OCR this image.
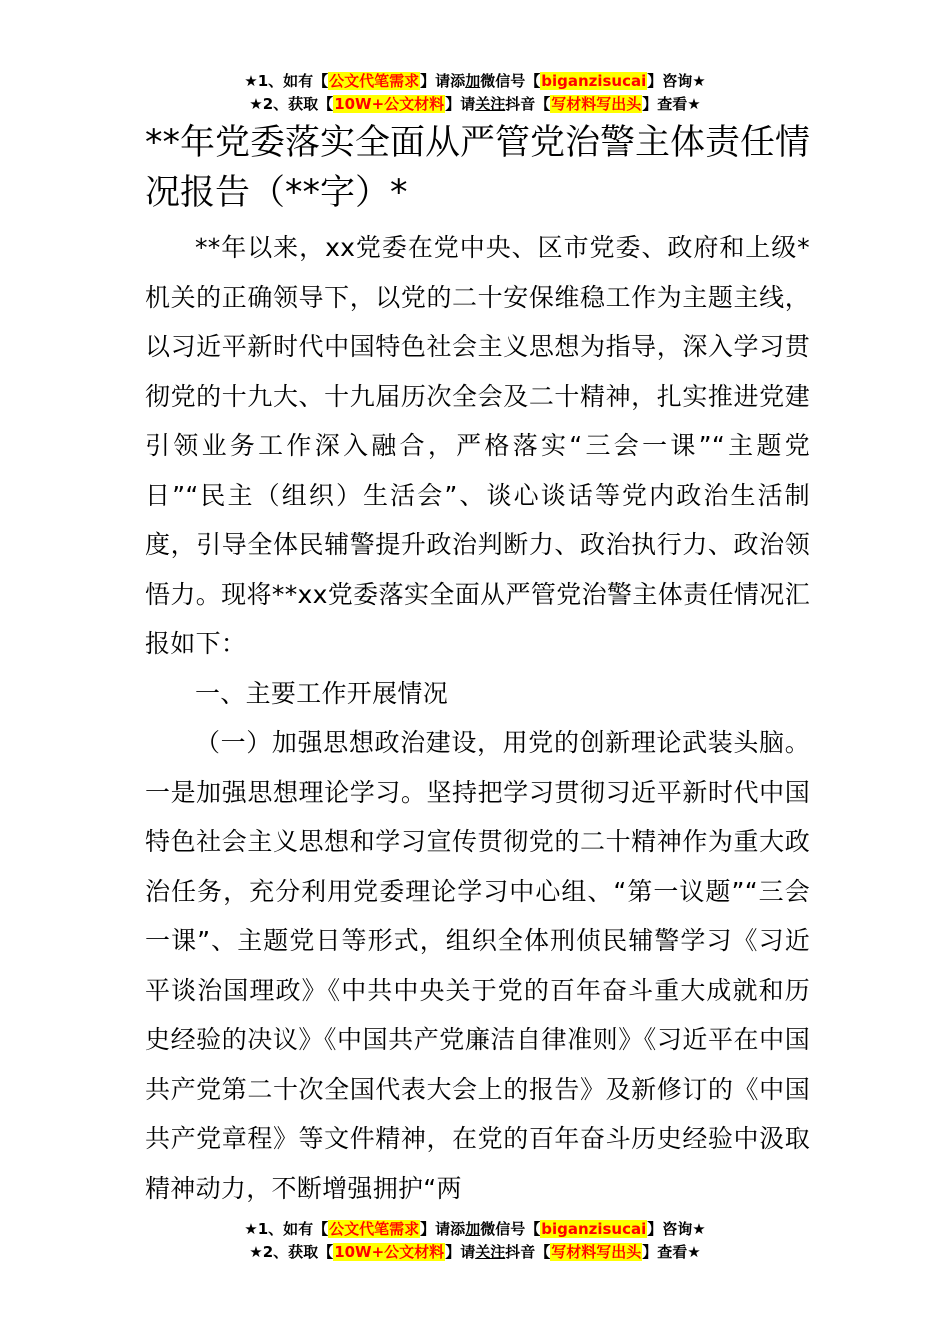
★1、如有【公文代笔需求】请添加微信号【biganzisucai】咨询★
★2、获取【10W+公文材料】请关注抖音【写材料写出头】查看★
**年党委落实全面从严管党治警主体责任情况报告（**字）*

**年以来，xx党委在党中央、区市党委、政府和上级*机关的正确领导下，以党的二十安保维稳工作为主题主线，以习近平新时代中国特色社会主义思想为指导，深入学习贯彻党的十九大、十九届历次全会及二十精神，扎实推进党建引领业务工作深入融合，严格落实“三会一课”“主题党日”“民主（组织）生活会”、谈心谈话等党内政治生活制度，引导全体民辅警提升政治判断力、政治执行力、政治领悟力。现将**xx党委落实全面从严管党治警主体责任情况汇报如下：

一、主要工作开展情况

（一）加强思想政治建设，用党的创新理论武装头脑。一是加强思想理论学习。坚持把学习贯彻习近平新时代中国特色社会主义思想和学习宣传贯彻党的二十精神作为重大政治任务，充分利用党委理论学习中心组、“第一议题”“三会一课”、主题党日等形式，组织全体刑侦民辅警学习《习近平谈治国理政》《中共中央关于党的百年奋斗重大成就和历史经验的决议》《中国共产党廉洁自律准则》《习近平在中国共产党第二十次全国代表大会上的报告》及新修订的《中国共产党章程》等文件精神，在党的百年奋斗历史经验中汲取精神动力，不断增强拥护“两

★1、如有【公文代笔需求】请添加微信号【biganzisucai】咨询★
★2、获取【10W+公文材料】请关注抖音【写材料写出头】查看★
